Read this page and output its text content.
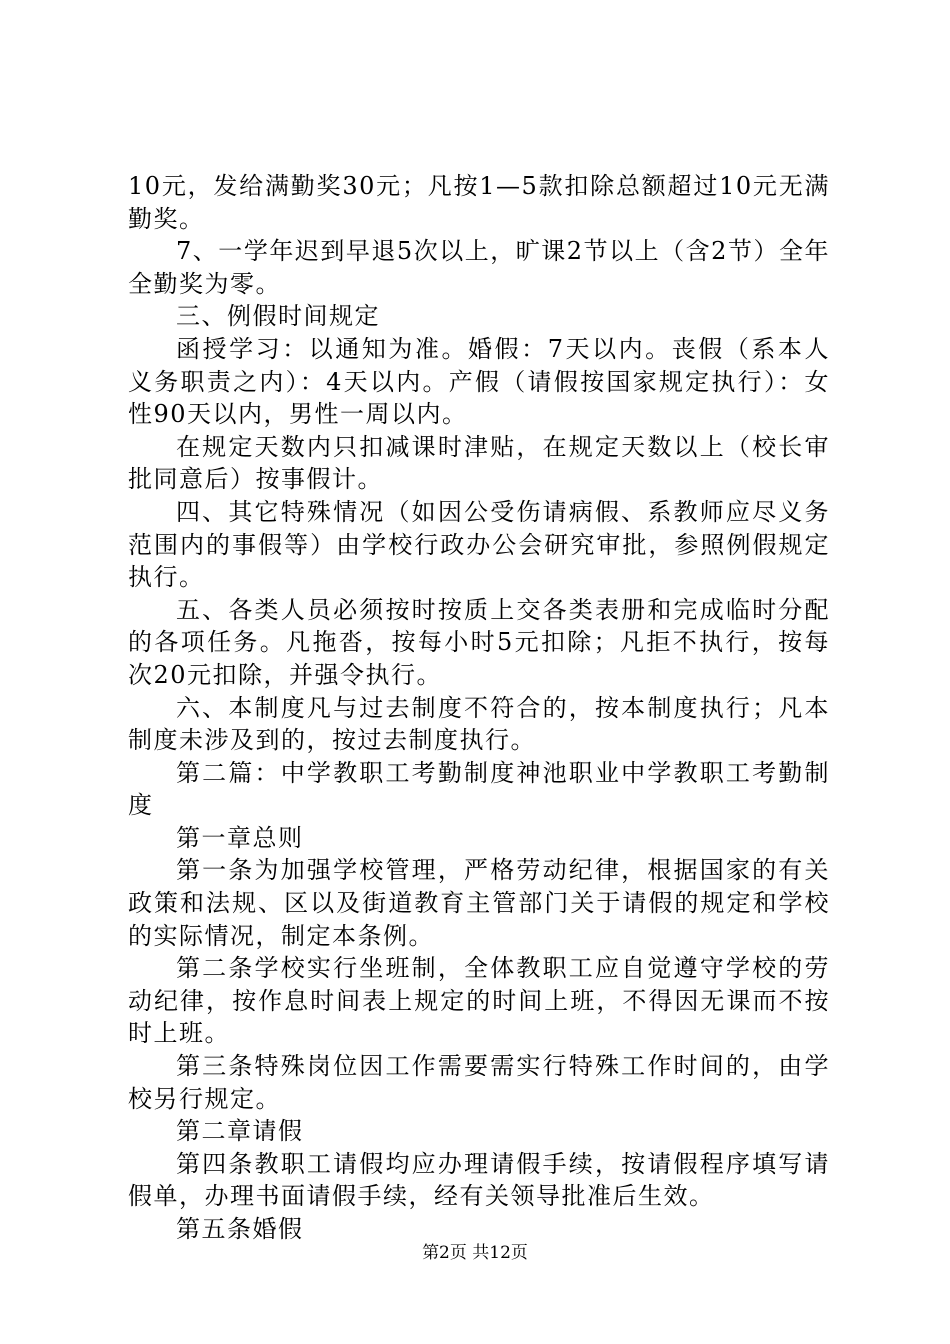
10元，发给满勤奖30元；凡按1—5款扣除总额超过10元无满勤奖。

7、一学年迟到早退5次以上，旷课2节以上（含2节）全年全勤奖为零。

三、例假时间规定

函授学习：以通知为准。婚假：7天以内。丧假（系本人义务职责之内）：4天以内。产假（请假按国家规定执行）：女性90天以内，男性一周以内。

在规定天数内只扣减课时津贴，在规定天数以上（校长审批同意后）按事假计。

四、其它特殊情况（如因公受伤请病假、系教师应尽义务范围内的事假等）由学校行政办公会研究审批，参照例假规定执行。

五、各类人员必须按时按质上交各类表册和完成临时分配的各项任务。凡拖沓，按每小时5元扣除；凡拒不执行，按每次20元扣除，并强令执行。

六、本制度凡与过去制度不符合的，按本制度执行；凡本制度未涉及到的，按过去制度执行。

第二篇：中学教职工考勤制度神池职业中学教职工考勤制度

第一章总则

第一条为加强学校管理，严格劳动纪律，根据国家的有关政策和法规、区以及街道教育主管部门关于请假的规定和学校的实际情况，制定本条例。

第二条学校实行坐班制，全体教职工应自觉遵守学校的劳动纪律，按作息时间表上规定的时间上班，不得因无课而不按时上班。

第三条特殊岗位因工作需要需实行特殊工作时间的，由学校另行规定。

第二章请假

第四条教职工请假均应办理请假手续，按请假程序填写请假单，办理书面请假手续，经有关领导批准后生效。

第五条婚假

第2页 共12页
